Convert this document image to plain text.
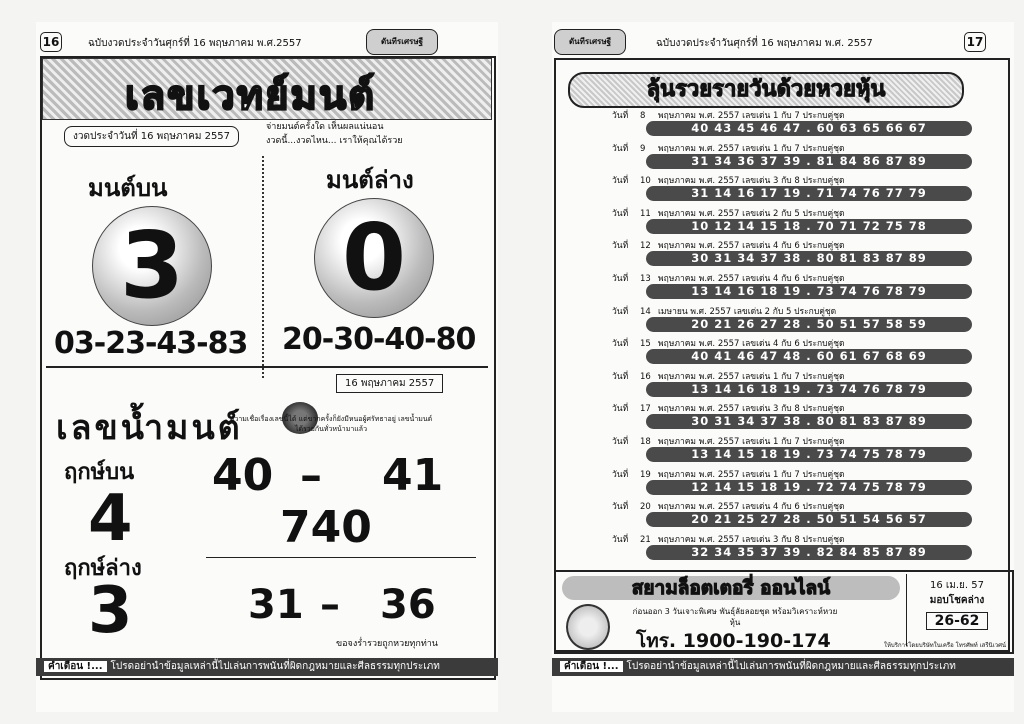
16	ฉบับงวดประจำวันศุกร์ที่ 16 พฤษภาคม พ.ศ.2557	ดันทีรเศรษฐี
เลขเวทย์มนต์
งวดประจำวันที่ 16 พฤษภาคม 2557
จ่ายมนต์ครั้งใด เห็นผลแน่นอน
งวดนี้...งวดไหน... เราให้คุณได้รวย
มนต์บน	มนต์ล่าง
3	0
03-23-43-83 20-30-40-80
16 พฤษภาคม 2557
เลขน้ำมนต์
ความเชื่อเรื่องเลขนี้ได้ แต่ขากครั้งก็ยังมีหนอผู้ศรัทธาอยู่ เลขน้ำมนต์ได้รวยกันทั่วหน้ามาแล้ว
ฤกษ์บน
4
40 – 41
740
ฤกษ์ล่าง
3	31 – 36
ขอจงร่ำรวยถูกหวยทุกท่าน
คำเตือน !... โปรดอย่านำข้อมูลเหล่านี้ไปเล่นการพนันที่ผิดกฎหมายและศีลธรรมทุกประเภท
ดันทีรเศรษฐี	ฉบับงวดประจำวันศุกร์ที่ 16 พฤษภาคม พ.ศ. 2557	17
ลุ้นรวยรายวันด้วยหวยหุ้น
วันที่ 8 พฤษภาคม พ.ศ. 2557 เลขเด่น 1 กับ 7 ประกบคู่ชุด
40 43 45 46 47 . 60 63 65 66 67
วันที่ 9 พฤษภาคม พ.ศ. 2557 เลขเด่น 1 กับ 7 ประกบคู่ชุด
31 34 36 37 39 . 81 84 86 87 89
วันที่ 10 พฤษภาคม พ.ศ. 2557 เลขเด่น 3 กับ 8 ประกบคู่ชุด
31 14 16 17 19 . 71 74 76 77 79
วันที่ 11 พฤษภาคม พ.ศ. 2557 เลขเด่น 2 กับ 5 ประกบคู่ชุด
10 12 14 15 18 . 70 71 72 75 78
วันที่ 12 พฤษภาคม พ.ศ. 2557 เลขเด่น 4 กับ 6 ประกบคู่ชุด
30 31 34 37 38 . 80 81 83 87 89
วันที่ 13 พฤษภาคม พ.ศ. 2557 เลขเด่น 4 กับ 6 ประกบคู่ชุด
13 14 16 18 19 . 73 74 76 78 79
วันที่ 14 เมษายน พ.ศ. 2557 เลขเด่น 2 กับ 5 ประกบคู่ชุด
20 21 26 27 28 . 50 51 57 58 59
วันที่ 15 พฤษภาคม พ.ศ. 2557 เลขเด่น 4 กับ 6 ประกบคู่ชุด
40 41 46 47 48 . 60 61 67 68 69
วันที่ 16 พฤษภาคม พ.ศ. 2557 เลขเด่น 1 กับ 7 ประกบคู่ชุด
13 14 16 18 19 . 73 74 76 78 79
วันที่ 17 พฤษภาคม พ.ศ. 2557 เลขเด่น 3 กับ 8 ประกบคู่ชุด
30 31 34 37 38 . 80 81 83 87 89
วันที่ 18 พฤษภาคม พ.ศ. 2557 เลขเด่น 1 กับ 7 ประกบคู่ชุด
13 14 15 18 19 . 73 74 75 78 79
วันที่ 19 พฤษภาคม พ.ศ. 2557 เลขเด่น 1 กับ 7 ประกบคู่ชุด
12 14 15 18 19 . 72 74 75 78 79
วันที่ 20 พฤษภาคม พ.ศ. 2557 เลขเด่น 4 กับ 6 ประกบคู่ชุด
20 21 25 27 28 . 50 51 54 56 57
วันที่ 21 พฤษภาคม พ.ศ. 2557 เลขเด่น 3 กับ 8 ประกบคู่ชุด
32 34 35 37 39 . 82 84 85 87 89
สยามล็อตเตอรี่ ออนไลน์
ก่อนออก 3 วันเจาะพิเศษ พันธุ์ลัยลอยชุด พร้อมวิเคราะห์หวยหุ้น
โทร. 1900-190-174
16 เม.ย. 57
มอบโชคล่าง
26-62
ให้บริการโดยบริษัทในเครือ โทรศัพท์ เสรีนิเวศน์
คำเตือน !... โปรดอย่านำข้อมูลเหล่านี้ไปเล่นการพนันที่ผิดกฎหมายและศีลธรรมทุกประเภท
